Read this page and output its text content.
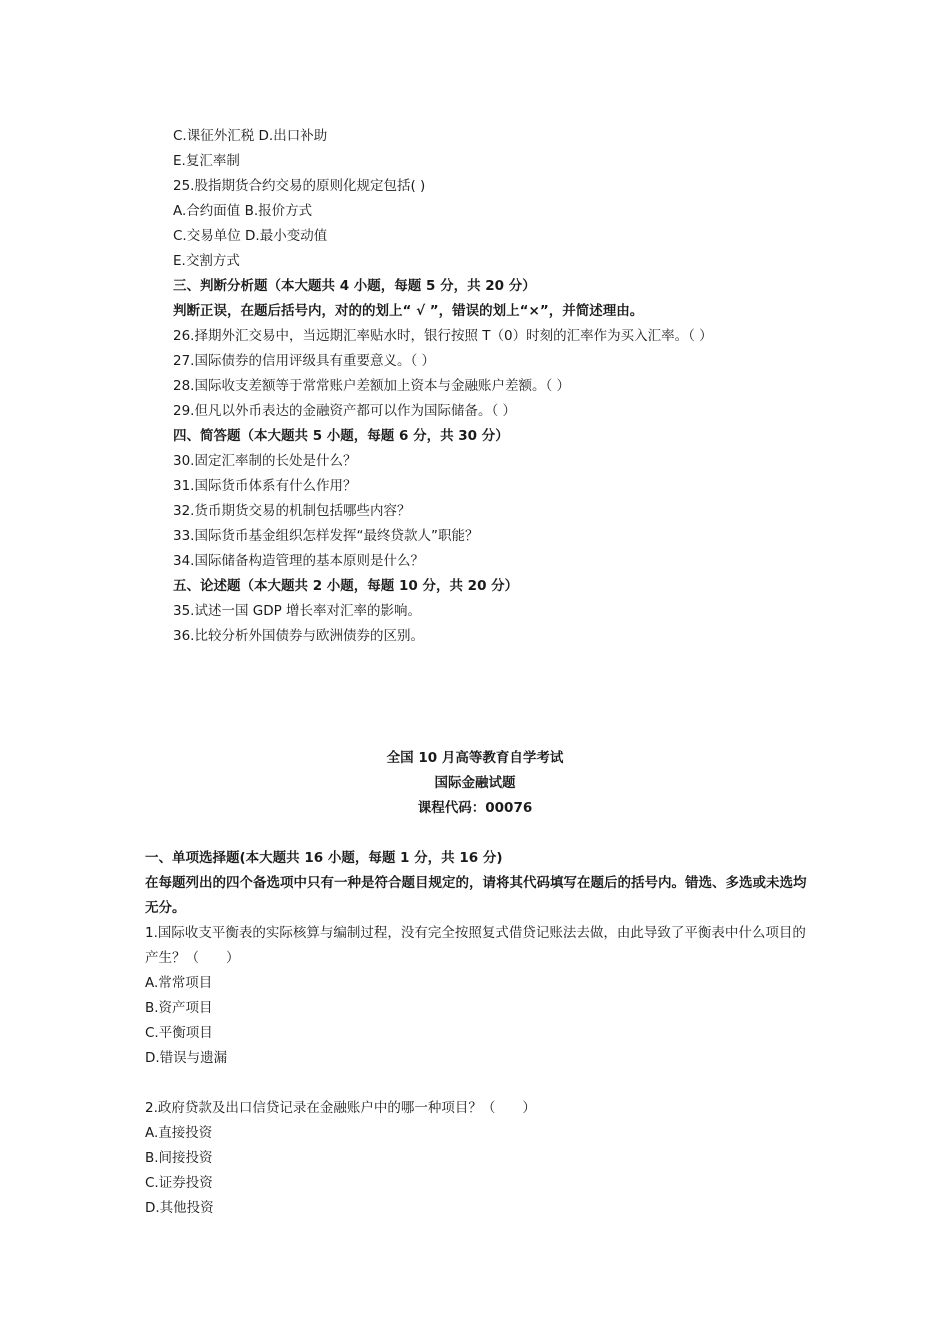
C.课征外汇税 D.出口补助
E.复汇率制
25.股指期货合约交易的原则化规定包括( )
A.合约面值 B.报价方式
C.交易单位 D.最小变动值
E.交割方式
三、判断分析题（本大题共 4 小题，每题 5 分，共 20 分）
判断正误，在题后括号内，对的的划上“ √ ”，错误的划上“×”，并简述理由。
26.择期外汇交易中，当远期汇率贴水时，银行按照 T（0）时刻的汇率作为买入汇率。（ ）
27.国际债券的信用评级具有重要意义。（ ）
28.国际收支差额等于常常账户差额加上资本与金融账户差额。（ ）
29.但凡以外币表达的金融资产都可以作为国际储备。（ ）
四、简答题（本大题共 5 小题，每题 6 分，共 30 分）
30.固定汇率制的长处是什么？
31.国际货币体系有什么作用？
32.货币期货交易的机制包括哪些内容？
33.国际货币基金组织怎样发挥“最终贷款人”职能？
34.国际储备构造管理的基本原则是什么？
五、论述题（本大题共 2 小题，每题 10 分，共 20 分）
35.试述一国 GDP 增长率对汇率的影响。
36.比较分析外国债券与欧洲债券的区别。
全国 10 月高等教育自学考试
国际金融试题
课程代码：00076
一、单项选择题(本大题共 16 小题，每题 1 分，共 16 分)
在每题列出的四个备选项中只有一种是符合题目规定的，请将其代码填写在题后的括号内。错选、多选或未选均无分。
1.国际收支平衡表的实际核算与编制过程，没有完全按照复式借贷记账法去做，由此导致了平衡表中什么项目的产生？（　　）
A.常常项目
B.资产项目
C.平衡项目
D.错误与遗漏
2.政府贷款及出口信贷记录在金融账户中的哪一种项目？（　　）
A.直接投资
B.间接投资
C.证券投资
D.其他投资
